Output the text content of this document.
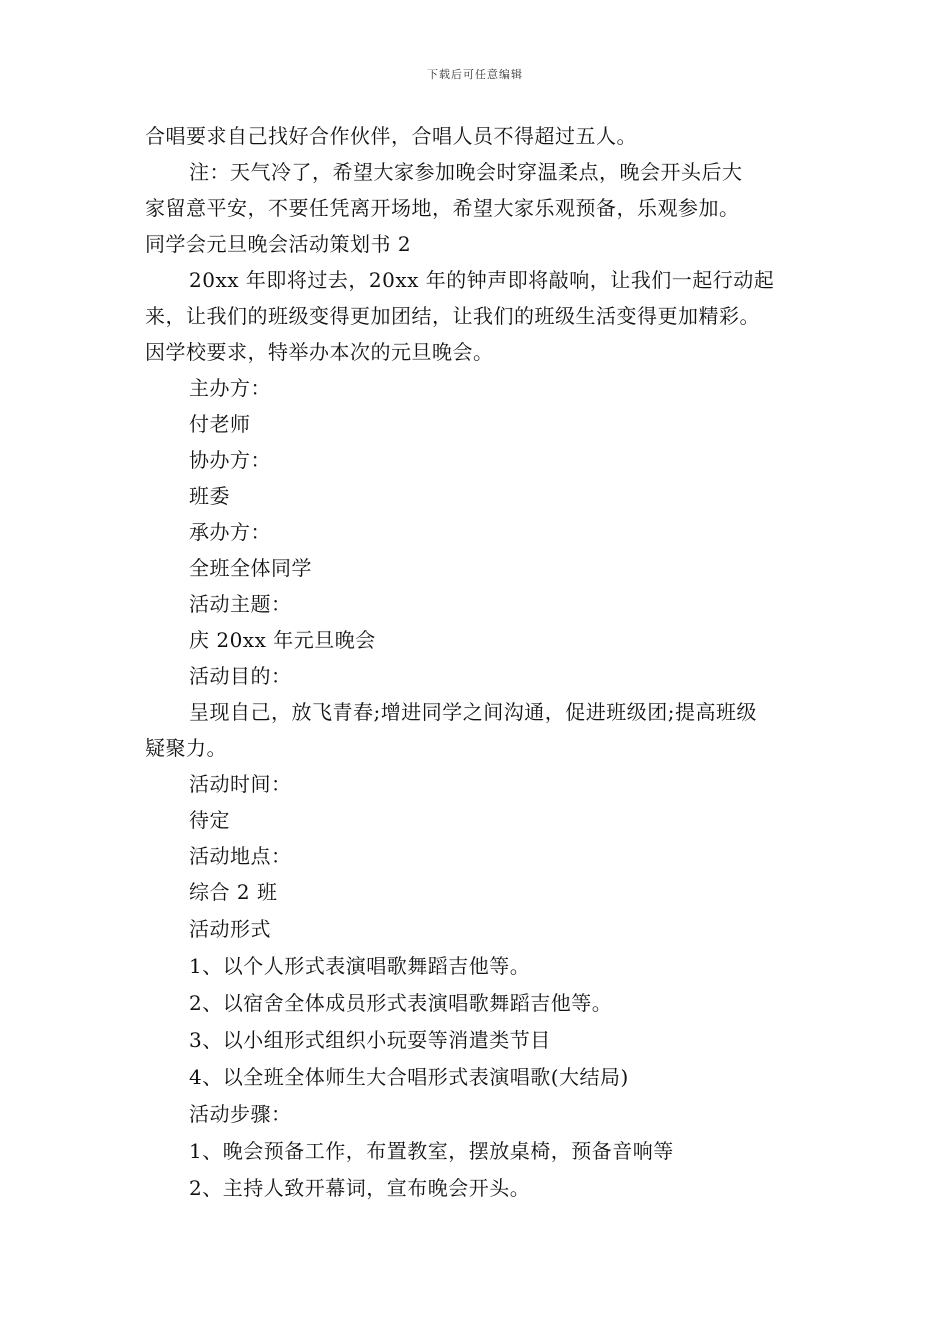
下载后可任意编辑
合唱要求自己找好合作伙伴，合唱人员不得超过五人。
注：天气冷了，希望大家参加晚会时穿温柔点，晚会开头后大
家留意平安，不要任凭离开场地，希望大家乐观预备，乐观参加。
同学会元旦晚会活动策划书 2
20xx 年即将过去，20xx 年的钟声即将敲响，让我们一起行动起
来，让我们的班级变得更加团结，让我们的班级生活变得更加精彩。
因学校要求，特举办本次的元旦晚会。
主办方：
付老师
协办方：
班委
承办方：
全班全体同学
活动主题：
庆 20xx 年元旦晚会
活动目的：
呈现自己，放飞青春;增进同学之间沟通，促进班级团;提高班级
疑聚力。
活动时间：
待定
活动地点：
综合 2 班
活动形式
1、以个人形式表演唱歌舞蹈吉他等。
2、以宿舍全体成员形式表演唱歌舞蹈吉他等。
3、以小组形式组织小玩耍等消遣类节目
4、以全班全体师生大合唱形式表演唱歌(大结局)
活动步骤：
1、晚会预备工作，布置教室，摆放桌椅，预备音响等
2、主持人致开幕词，宣布晚会开头。
